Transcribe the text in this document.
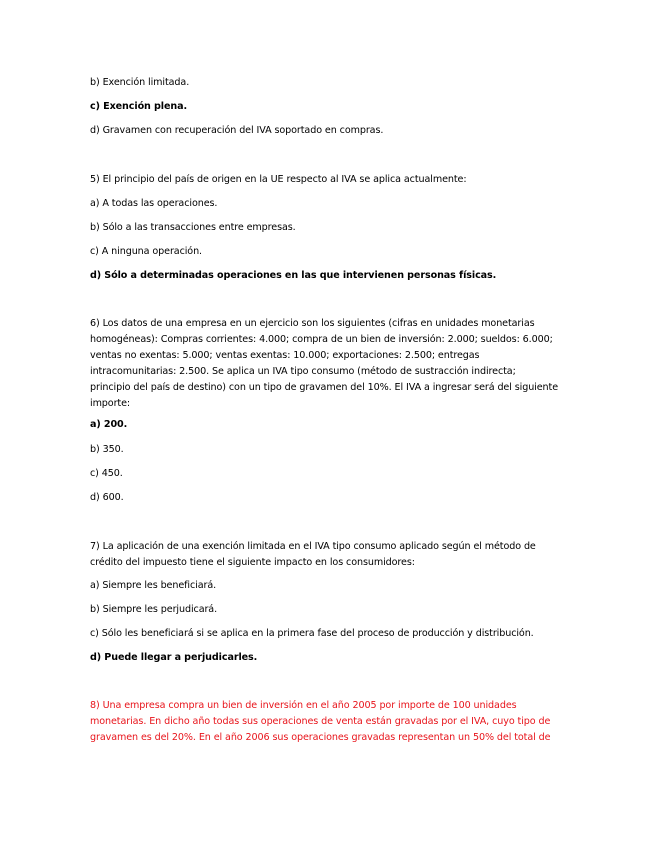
b) Exención limitada.
c) Exención plena.
d) Gravamen con recuperación del IVA soportado en compras.
5) El principio del país de origen en la UE respecto al IVA se aplica actualmente:
a) A todas las operaciones.
b) Sólo a las transacciones entre empresas.
c) A ninguna operación.
d) Sólo a determinadas operaciones en las que intervienen personas físicas.
6) Los datos de una empresa en un ejercicio son los siguientes (cifras en unidades monetarias
homogéneas): Compras corrientes: 4.000; compra de un bien de inversión: 2.000; sueldos: 6.000;
ventas no exentas: 5.000; ventas exentas: 10.000; exportaciones: 2.500; entregas
intracomunitarias: 2.500. Se aplica un IVA tipo consumo (método de sustracción indirecta;
principio del país de destino) con un tipo de gravamen del 10%. El IVA a ingresar será del siguiente
importe:
a) 200.
b) 350.
c) 450.
d) 600.
7) La aplicación de una exención limitada en el IVA tipo consumo aplicado según el método de
crédito del impuesto tiene el siguiente impacto en los consumidores:
a) Siempre les beneficiará.
b) Siempre les perjudicará.
c) Sólo les beneficiará si se aplica en la primera fase del proceso de producción y distribución.
d) Puede llegar a perjudicarles.
8) Una empresa compra un bien de inversión en el año 2005 por importe de 100 unidades
monetarias. En dicho año todas sus operaciones de venta están gravadas por el IVA, cuyo tipo de
gravamen es del 20%. En el año 2006 sus operaciones gravadas representan un 50% del total de
